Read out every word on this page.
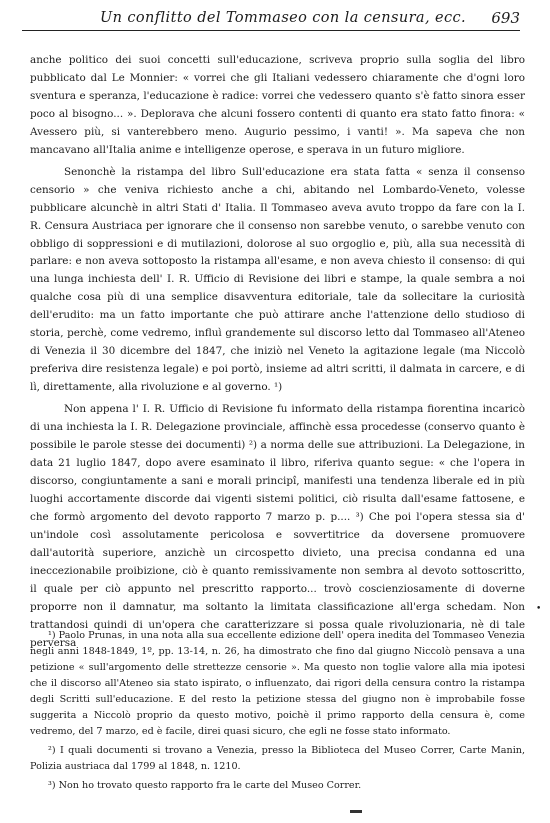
Un conflitto del Tommaseo con la censura, ecc. 693

anche politico dei suoi concetti sull'educazione, scriveva proprio sulla soglia del libro pubblicato dal Le Monnier: « vorrei che gli Italiani vedessero chiaramente che d'ogni loro sventura e speranza, l'educazione è radice: vorrei che vedessero quanto s'è fatto sinora esser poco al bisogno... ». Deplorava che alcuni fossero contenti di quanto era stato fatto finora: « Avessero più, si vanterebbero meno. Augurio pessimo, i vanti! ». Ma sapeva che non mancavano all'Italia anime e intelligenze operose, e sperava in un futuro migliore.

Senonchè la ristampa del libro Sull'educazione era stata fatta « senza il consenso censorio » che veniva richiesto anche a chi, abitando nel Lombardo-Veneto, volesse pubblicare alcunchè in altri Stati d' Italia. Il Tommaseo aveva avuto troppo da fare con la I. R. Censura Austriaca per ignorare che il consenso non sarebbe venuto, o sarebbe venuto con obbligo di soppressioni e di mutilazioni, dolorose al suo orgoglio e, più, alla sua necessità di parlare: e non aveva sottoposto la ristampa all'esame, e non aveva chiesto il consenso: di qui una lunga inchiesta dell' I. R. Ufficio di Revisione dei libri e stampe, la quale sembra a noi qualche cosa più di una semplice disavventura editoriale, tale da sollecitare la curiosità dell'erudito: ma un fatto importante che può attirare anche l'attenzione dello studioso di storia, perchè, come vedremo, influì grandemente sul discorso letto dal Tommaseo all'Ateneo di Venezia il 30 dicembre del 1847, che iniziò nel Veneto la agitazione legale (ma Niccolò preferiva dire resistenza legale) e poi portò, insieme ad altri scritti, il dalmata in carcere, e di lì, direttamente, alla rivoluzione e al governo. ¹)

Non appena l' I. R. Ufficio di Revisione fu informato della ristampa fiorentina incaricò di una inchiesta la I. R. Delegazione provinciale, affinchè essa procedesse (conservo quanto è possibile le parole stesse dei documenti) ²) a norma delle sue attribuzioni. La Delegazione, in data 21 luglio 1847, dopo avere esaminato il libro, riferiva quanto segue: « che l'opera in discorso, congiuntamente a sani e morali principî, manifesti una tendenza liberale ed in più luoghi accortamente discorde dai vigenti sistemi politici, ciò risulta dall'esame fattosene, e che formò argomento del devoto rapporto 7 marzo p. p.... ³) Che poi l'opera stessa sia d' un'indole così assolutamente pericolosa e sovvertitrice da doversene promuovere dall'autorità superiore, anzichè un circospetto divieto, una precisa condanna ed una ineccezionabile proibizione, ciò è quanto remissivamente non sembra al devoto sottoscritto, il quale per ciò appunto nel prescritto rapporto... trovò coscienziosamente di doverne proporre non il damnatur, ma soltanto la limitata classificazione all'erga schedam. Non trattandosi quindi di un'opera che caratterizzare si possa quale rivoluzionaria, nè di tale perversa

•

¹) Paolo Prunas, in una nota alla sua eccellente edizione dell' opera inedita del Tommaseo Venezia negli anni 1848-1849, 1º, pp. 13-14, n. 26, ha dimostrato che fino dal giugno Niccolò pensava a una petizione « sull'argomento delle strettezze censorie ». Ma questo non toglie valore alla mia ipotesi che il discorso all'Ateneo sia stato ispirato, o influenzato, dai rigori della censura contro la ristampa degli Scritti sull'educazione. E del resto la petizione stessa del giugno non è improbabile fosse suggerita a Niccolò proprio da questo motivo, poichè il primo rapporto della censura è, come vedremo, del 7 marzo, ed è facile, direi quasi sicuro, che egli ne fosse stato informato.

²) I quali documenti si trovano a Venezia, presso la Biblioteca del Museo Correr, Carte Manin, Polizia austriaca dal 1799 al 1848, n. 1210.

³) Non ho trovato questo rapporto fra le carte del Museo Correr.
